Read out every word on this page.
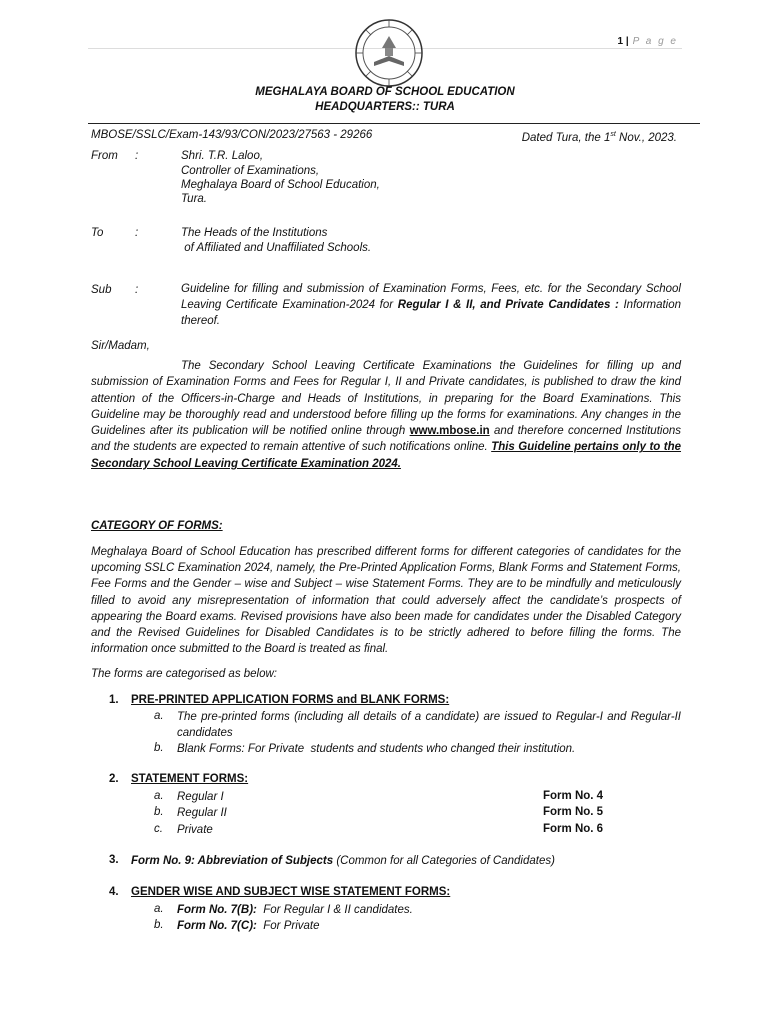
1 | P a g e
MEGHALAYA BOARD OF SCHOOL EDUCATION
HEADQUARTERS:: TURA
MBOSE/SSLC/Exam-143/93/CON/2023/27563 - 29266	Dated Tura, the 1st Nov., 2023.
From :	Shri. T.R. Laloo,
Controller of Examinations,
Meghalaya Board of School Education,
Tura.
To	:	The Heads of the Institutions
of Affiliated and Unaffiliated Schools.
Sub :	Guideline for filling and submission of Examination Forms, Fees, etc. for the Secondary School Leaving Certificate Examination-2024 for Regular I & II, and Private Candidates : Information thereof.
Sir/Madam,
The Secondary School Leaving Certificate Examinations the Guidelines for filling up and submission of Examination Forms and Fees for Regular I, II and Private candidates, is published to draw the kind attention of the Officers-in-Charge and Heads of Institutions, in preparing for the Board Examinations. This Guideline may be thoroughly read and understood before filling up the forms for examinations. Any changes in the Guidelines after its publication will be notified online through www.mbose.in and therefore concerned Institutions and the students are expected to remain attentive of such notifications online. This Guideline pertains only to the Secondary School Leaving Certificate Examination 2024.
CATEGORY OF FORMS:
Meghalaya Board of School Education has prescribed different forms for different categories of candidates for the upcoming SSLC Examination 2024, namely, the Pre-Printed Application Forms, Blank Forms and Statement Forms, Fee Forms and the Gender – wise and Subject – wise Statement Forms. They are to be mindfully and meticulously filled to avoid any misrepresentation of information that could adversely affect the candidate’s prospects of appearing the Board exams. Revised provisions have also been made for candidates under the Disabled Category and the Revised Guidelines for Disabled Candidates is to be strictly adhered to before filling the forms. The information once submitted to the Board is treated as final.
The forms are categorised as below:
1. PRE-PRINTED APPLICATION FORMS and BLANK FORMS:
a. The pre-printed forms (including all details of a candidate) are issued to Regular-I and Regular-II candidates
b. Blank Forms: For Private  students and students who changed their institution.
2. STATEMENT FORMS:
a. Regular I	Form No. 4
b. Regular II	Form No. 5
c. Private	Form No. 6
3. Form No. 9: Abbreviation of Subjects (Common for all Categories of Candidates)
4. GENDER WISE AND SUBJECT WISE STATEMENT FORMS:
a. Form No. 7(B):  For Regular I & II candidates.
b. Form No. 7(C):  For Private
